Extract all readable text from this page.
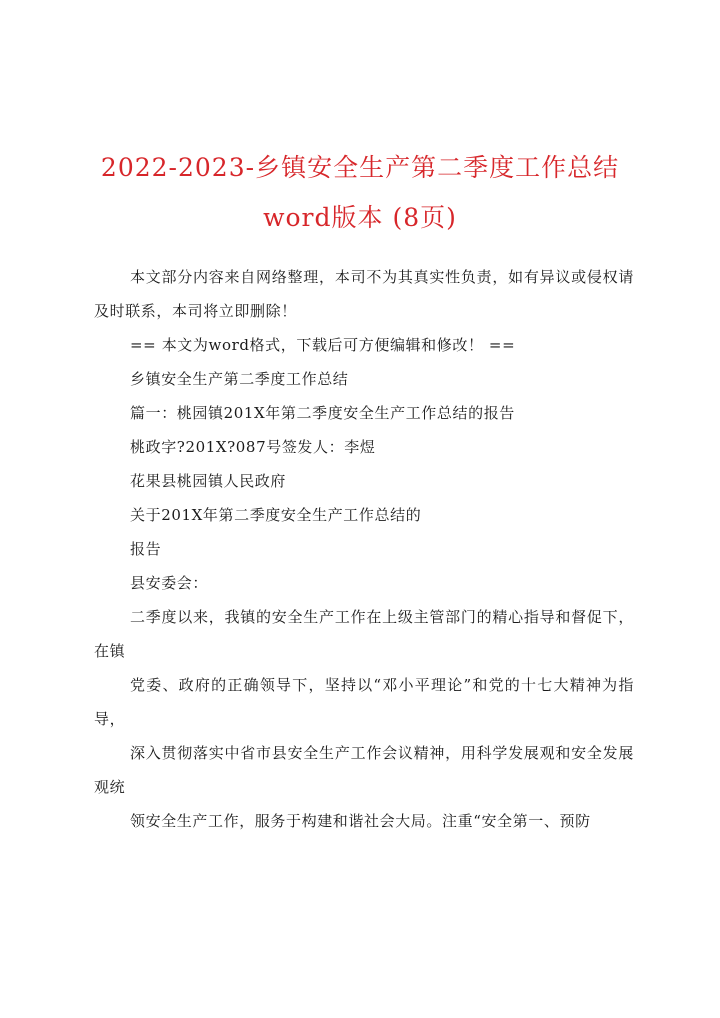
2022-2023-乡镇安全生产第二季度工作总结
word版本 (8页)

本文部分内容来自网络整理，本司不为其真实性负责，如有异议或侵权请及时联系，本司将立即删除！

== 本文为word格式，下载后可方便编辑和修改！ ==

乡镇安全生产第二季度工作总结

篇一：桃园镇201X年第二季度安全生产工作总结的报告

桃政字?201X?087号签发人：李煜

花果县桃园镇人民政府

关于201X年第二季度安全生产工作总结的

报告

县安委会：

二季度以来，我镇的安全生产工作在上级主管部门的精心指导和督促下，在镇

党委、政府的正确领导下，坚持以“邓小平理论”和党的十七大精神为指导，

深入贯彻落实中省市县安全生产工作会议精神，用科学发展观和安全发展观统

领安全生产工作，服务于构建和谐社会大局。注重“安全第一、预防
